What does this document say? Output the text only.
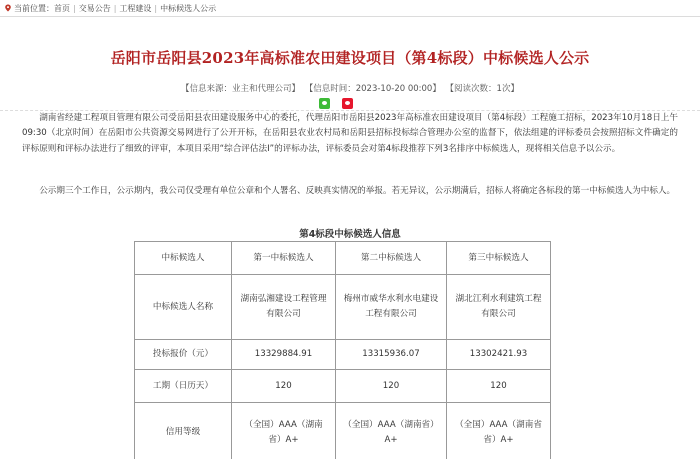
当前位置： 首页 | 交易公告 | 工程建设 | 中标候选人公示
岳阳市岳阳县2023年高标准农田建设项目（第4标段）中标候选人公示
【信息来源：业主和代理公司】 【信息时间：2023-10-20 00:00】 【阅读次数：1次】

湖南省经建工程项目管理有限公司受岳阳县农田建设服务中心的委托，代理岳阳市岳阳县2023年高标准农田建设项目（第4标段）工程施工招标，2023年10月18日上午09:30（北京时间）在岳阳市公共资源交易网进行了公开开标，在岳阳县农业农村局和岳阳县招标投标综合管理办公室的监督下，依法组建的评标委员会按照招标文件确定的评标原则和评标办法进行了细致的评审，本项目采用“综合评估法I”的评标办法，评标委员会对第4标段推荐下列3名排序中标候选人，现将相关信息予以公示。

公示期三个工作日，公示期内，我公司仅受理有单位公章和个人署名、反映真实情况的举报。若无异议，公示期满后，招标人将确定各标段的第一中标候选人为中标人。

第4标段中标候选人信息
中标候选人	第一中标候选人	第二中标候选人	第三中标候选人
中标候选人名称	湖南弘湘建设工程管理有限公司	梅州市威华水利水电建设工程有限公司	湖北江利水利建筑工程有限公司
投标报价（元）	13329884.91	13315936.07	13302421.93
工期（日历天）	120	120	120
信用等级	（全国）AAA（湖南省）A+	（全国）AAA（湖南省）A+	（全国）AAA（湖南省省）A+
